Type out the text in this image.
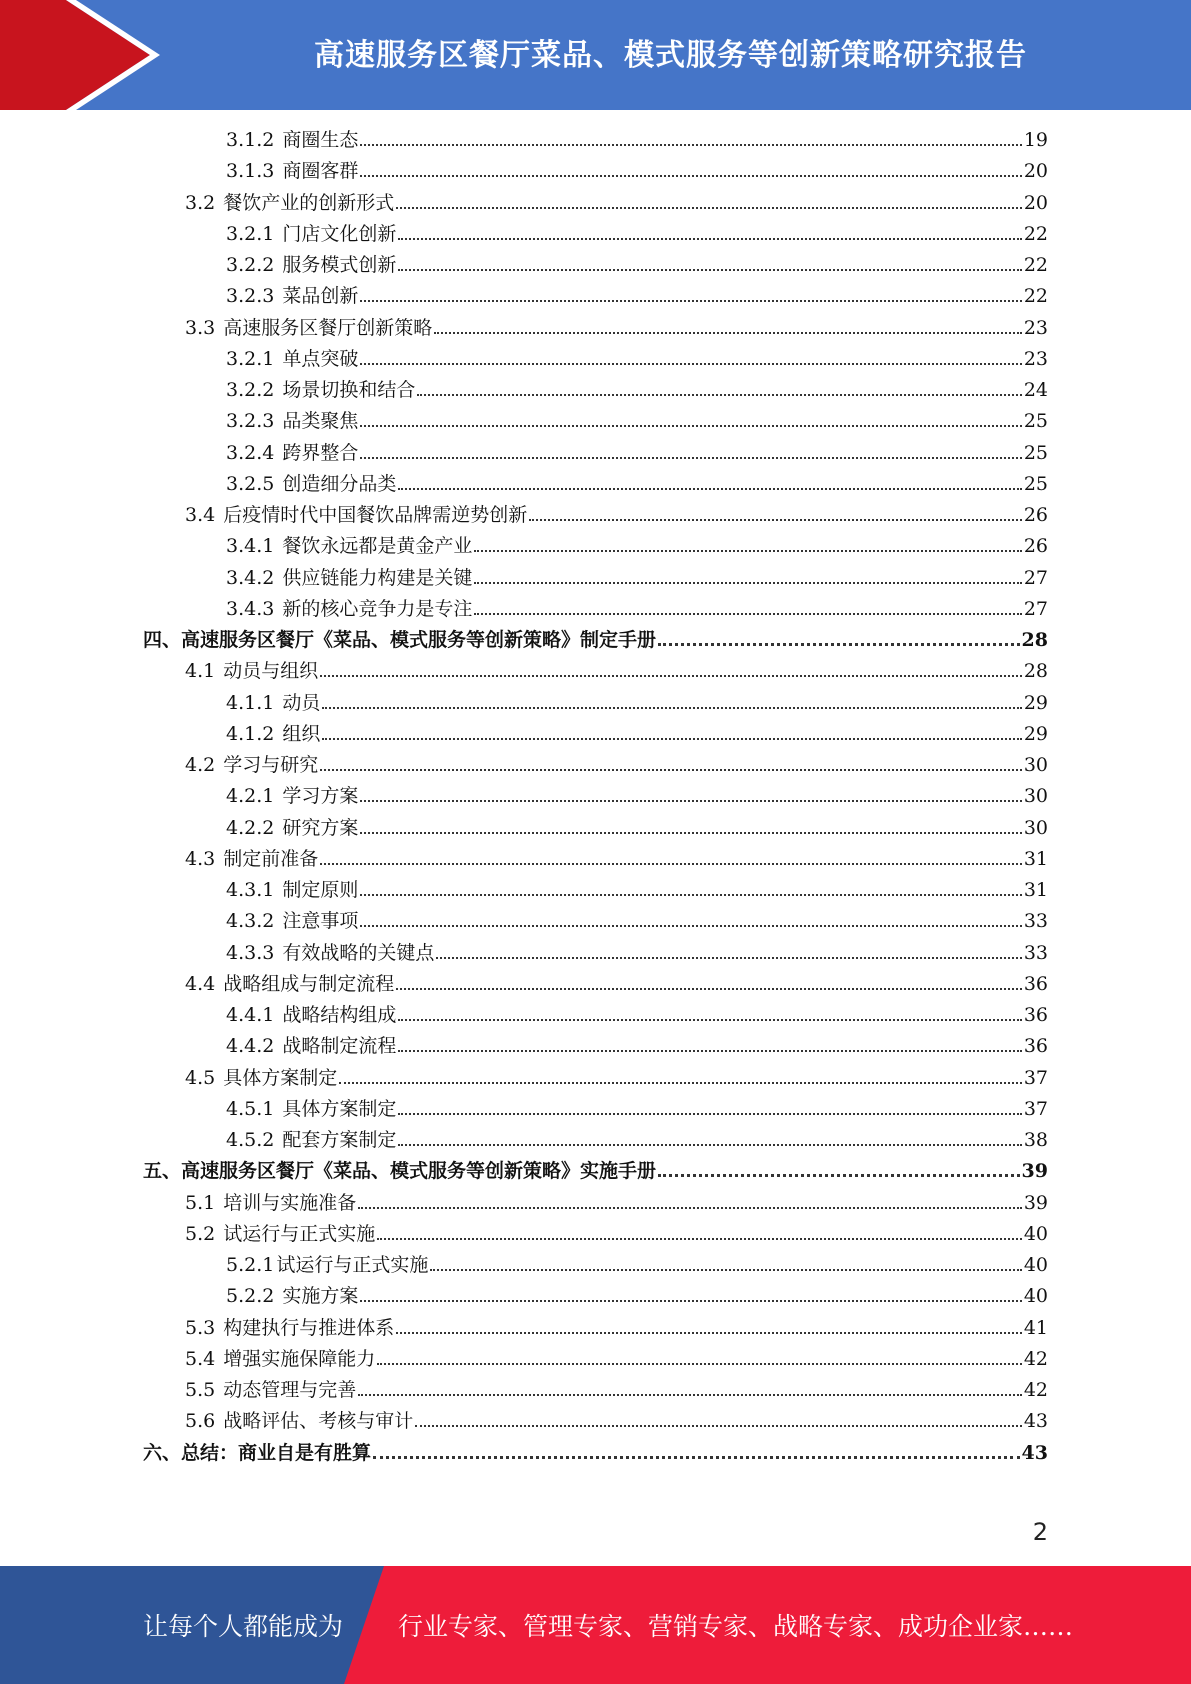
高速服务区餐厅菜品、模式服务等创新策略研究报告
3.1.2 商圈生态	19
3.1.3 商圈客群	20
3.2 餐饮产业的创新形式	20
3.2.1 门店文化创新	22
3.2.2 服务模式创新	22
3.2.3 菜品创新	22
3.3 高速服务区餐厅创新策略	23
3.2.1 单点突破	23
3.2.2 场景切换和结合	24
3.2.3 品类聚焦	25
3.2.4 跨界整合	25
3.2.5 创造细分品类	25
3.4 后疫情时代中国餐饮品牌需逆势创新	26
3.4.1 餐饮永远都是黄金产业	26
3.4.2 供应链能力构建是关键	27
3.4.3 新的核心竞争力是专注	27
四、高速服务区餐厅《菜品、模式服务等创新策略》制定手册	28
4.1 动员与组织	28
4.1.1 动员	29
4.1.2 组织	29
4.2 学习与研究	30
4.2.1 学习方案	30
4.2.2 研究方案	30
4.3 制定前准备	31
4.3.1 制定原则	31
4.3.2 注意事项	33
4.3.3 有效战略的关键点	33
4.4 战略组成与制定流程	36
4.4.1 战略结构组成	36
4.4.2 战略制定流程	36
4.5 具体方案制定	37
4.5.1 具体方案制定	37
4.5.2 配套方案制定	38
五、高速服务区餐厅《菜品、模式服务等创新策略》实施手册	39
5.1 培训与实施准备	39
5.2 试运行与正式实施	40
5.2.1 试运行与正式实施	40
5.2.2 实施方案	40
5.3 构建执行与推进体系	41
5.4 增强实施保障能力	42
5.5 动态管理与完善	42
5.6 战略评估、考核与审计	43
六、总结：商业自是有胜算	43
2
让每个人都能成为 行业专家、管理专家、营销专家、战略专家、成功企业家……
